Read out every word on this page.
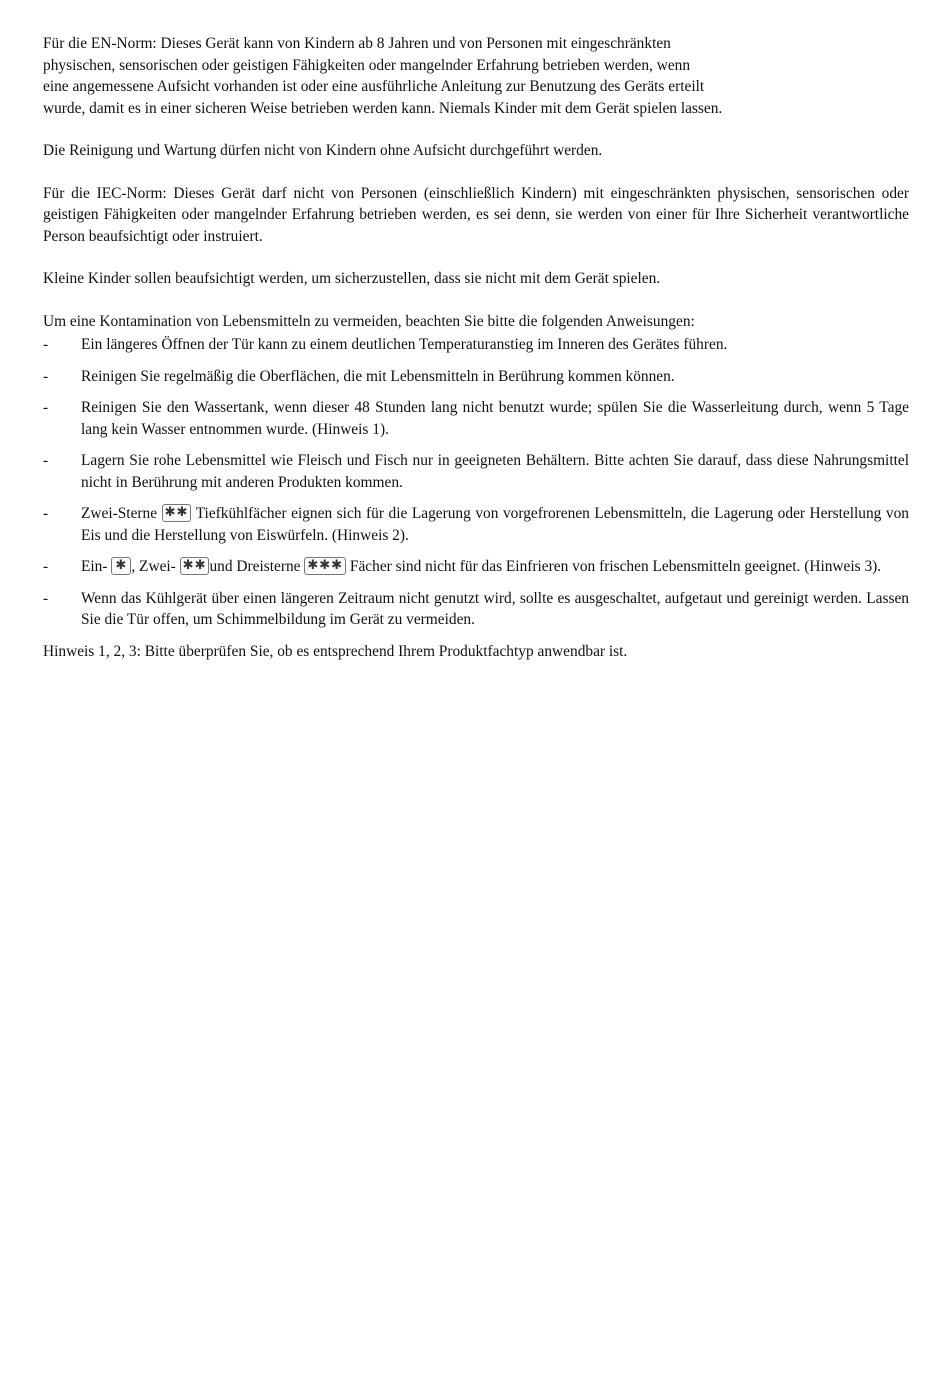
Für die EN-Norm: Dieses Gerät kann von Kindern ab 8 Jahren und von Personen mit eingeschränkten
physischen, sensorischen oder geistigen Fähigkeiten oder mangelnder Erfahrung betrieben werden, wenn
eine angemessene Aufsicht vorhanden ist oder eine ausführliche Anleitung zur Benutzung des Geräts erteilt
wurde, damit es in einer sicheren Weise betrieben werden kann. Niemals Kinder mit dem Gerät spielen lassen.

Die Reinigung und Wartung dürfen nicht von Kindern ohne Aufsicht durchgeführt werden.

Für die IEC-Norm: Dieses Gerät darf nicht von Personen (einschließlich Kindern) mit eingeschränkten physischen, sensorischen oder geistigen Fähigkeiten oder mangelnder Erfahrung betrieben werden, es sei denn, sie werden von einer für Ihre Sicherheit verantwortliche Person beaufsichtigt oder instruiert.

Kleine Kinder sollen beaufsichtigt werden, um sicherzustellen, dass sie nicht mit dem Gerät spielen.

Um eine Kontamination von Lebensmitteln zu vermeiden, beachten Sie bitte die folgenden Anweisungen:

- Ein längeres Öffnen der Tür kann zu einem deutlichen Temperaturanstieg im Inneren des Gerätes führen.
- Reinigen Sie regelmäßig die Oberflächen, die mit Lebensmitteln in Berührung kommen können.
- Reinigen Sie den Wassertank, wenn dieser 48 Stunden lang nicht benutzt wurde; spülen Sie die Wasserleitung durch, wenn 5 Tage lang kein Wasser entnommen wurde. (Hinweis 1).
- Lagern Sie rohe Lebensmittel wie Fleisch und Fisch nur in geeigneten Behältern. Bitte achten Sie darauf, dass diese Nahrungsmittel nicht in Berührung mit anderen Produkten kommen.
- Zwei-Sterne ✱✱ Tiefkühlfächer eignen sich für die Lagerung von vorgefrorenen Lebensmitteln, die Lagerung oder Herstellung von Eis und die Herstellung von Eiswürfeln. (Hinweis 2).
- Ein- ✱ , Zwei- ✱✱ und Dreisterne ✱✱✱ Fächer sind nicht für das Einfrieren von frischen Lebensmitteln geeignet. (Hinweis 3).
- Wenn das Kühlgerät über einen längeren Zeitraum nicht genutzt wird, sollte es ausgeschaltet, aufgetaut und gereinigt werden. Lassen Sie die Tür offen, um Schimmelbildung im Gerät zu vermeiden.

Hinweis 1, 2, 3: Bitte überprüfen Sie, ob es entsprechend Ihrem Produktfachtyp anwendbar ist.
